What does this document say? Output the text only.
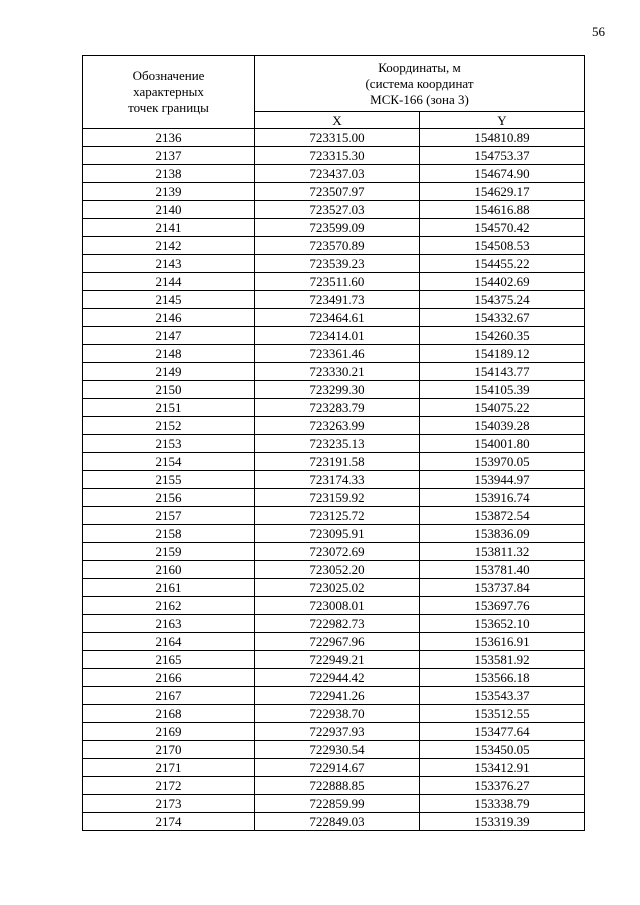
56
Обозначение
характерных
точек границы	Координаты, м
(система координат
МСК-166 (зона 3)	

	X	Y
2136	723315.00	154810.89
2137	723315.30	154753.37
2138	723437.03	154674.90
2139	723507.97	154629.17
2140	723527.03	154616.88
2141	723599.09	154570.42
2142	723570.89	154508.53
2143	723539.23	154455.22
2144	723511.60	154402.69
2145	723491.73	154375.24
2146	723464.61	154332.67
2147	723414.01	154260.35
2148	723361.46	154189.12
2149	723330.21	154143.77
2150	723299.30	154105.39
2151	723283.79	154075.22
2152	723263.99	154039.28
2153	723235.13	154001.80
2154	723191.58	153970.05
2155	723174.33	153944.97
2156	723159.92	153916.74
2157	723125.72	153872.54
2158	723095.91	153836.09
2159	723072.69	153811.32
2160	723052.20	153781.40
2161	723025.02	153737.84
2162	723008.01	153697.76
2163	722982.73	153652.10
2164	722967.96	153616.91
2165	722949.21	153581.92
2166	722944.42	153566.18
2167	722941.26	153543.37
2168	722938.70	153512.55
2169	722937.93	153477.64
2170	722930.54	153450.05
2171	722914.67	153412.91
2172	722888.85	153376.27
2173	722859.99	153338.79
2174	722849.03	153319.39
